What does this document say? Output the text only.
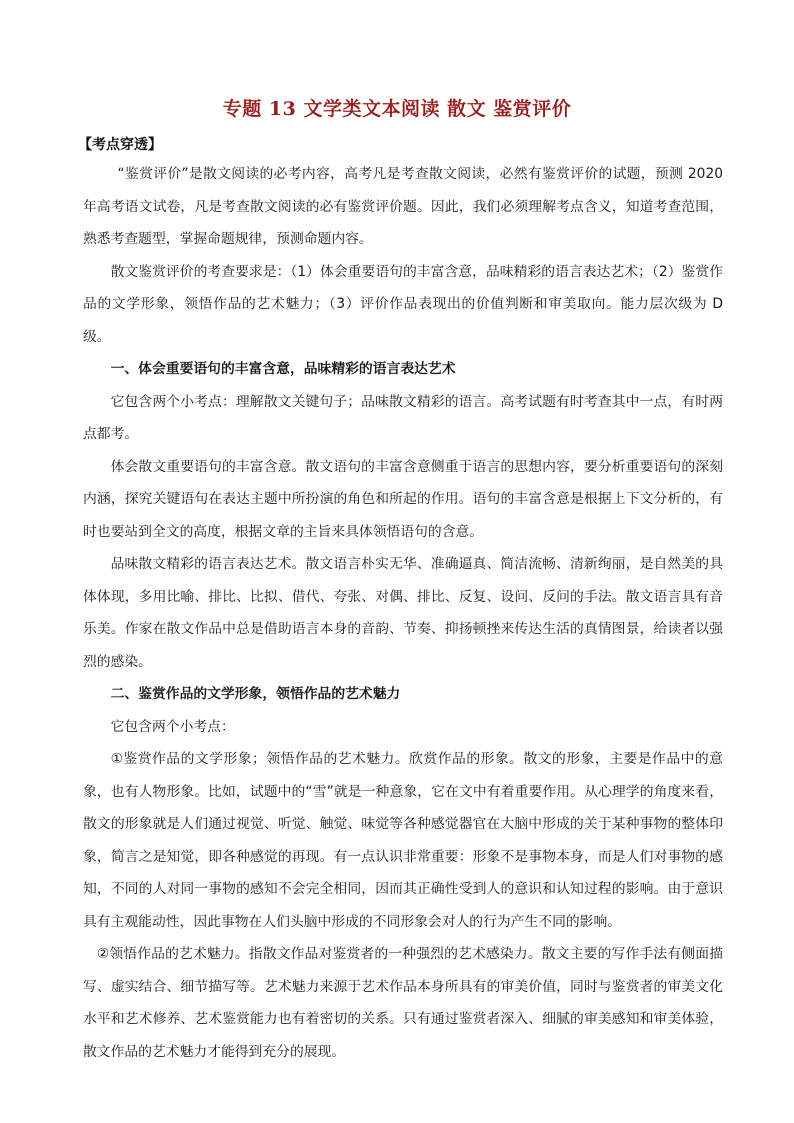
专题 13 文学类文本阅读 散文 鉴赏评价
【考点穿透】

“鉴赏评价”是散文阅读的必考内容，高考凡是考查散文阅读，必然有鉴赏评价的试题，预测 2020 年高考语文试卷，凡是考查散文阅读的必有鉴赏评价题。因此，我们必须理解考点含义，知道考查范围，熟悉考查题型，掌握命题规律，预测命题内容。

散文鉴赏评价的考查要求是：（1）体会重要语句的丰富含意，品味精彩的语言表达艺术；（2）鉴赏作品的文学形象，领悟作品的艺术魅力；（3）评价作品表现出的价值判断和审美取向。能力层次级为 D 级。

一、体会重要语句的丰富含意，品味精彩的语言表达艺术

它包含两个小考点：理解散文关键句子；品味散文精彩的语言。高考试题有时考查其中一点，有时两点都考。

体会散文重要语句的丰富含意。散文语句的丰富含意侧重于语言的思想内容，要分析重要语句的深刻内涵，探究关键语句在表达主题中所扮演的角色和所起的作用。语句的丰富含意是根据上下文分析的，有时也要站到全文的高度，根据文章的主旨来具体领悟语句的含意。

品味散文精彩的语言表达艺术。散文语言朴实无华、准确逼真、简洁流畅、清新绚丽，是自然美的具体体现，多用比喻、排比、比拟、借代、夸张、对偶、排比、反复、设问、反问的手法。散文语言具有音乐美。作家在散文作品中总是借助语言本身的音韵、节奏、抑扬顿挫来传达生活的真情图景，给读者以强烈的感染。

二、鉴赏作品的文学形象，领悟作品的艺术魅力

它包含两个小考点：

①鉴赏作品的文学形象；领悟作品的艺术魅力。欣赏作品的形象。散文的形象，主要是作品中的意象，也有人物形象。比如，试题中的“雪”就是一种意象，它在文中有着重要作用。从心理学的角度来看，散文的形象就是人们通过视觉、听觉、触觉、味觉等各种感觉器官在大脑中形成的关于某种事物的整体印象，简言之是知觉，即各种感觉的再现。有一点认识非常重要：形象不是事物本身，而是人们对事物的感知，不同的人对同一事物的感知不会完全相同，因而其正确性受到人的意识和认知过程的影响。由于意识具有主观能动性，因此事物在人们头脑中形成的不同形象会对人的行为产生不同的影响。

②领悟作品的艺术魅力。指散文作品对鉴赏者的一种强烈的艺术感染力。散文主要的写作手法有侧面描写、虚实结合、细节描写等。艺术魅力来源于艺术作品本身所具有的审美价值，同时与鉴赏者的审美文化水平和艺术修养、艺术鉴赏能力也有着密切的关系。只有通过鉴赏者深入、细腻的审美感知和审美体验，散文作品的艺术魅力才能得到充分的展现。
